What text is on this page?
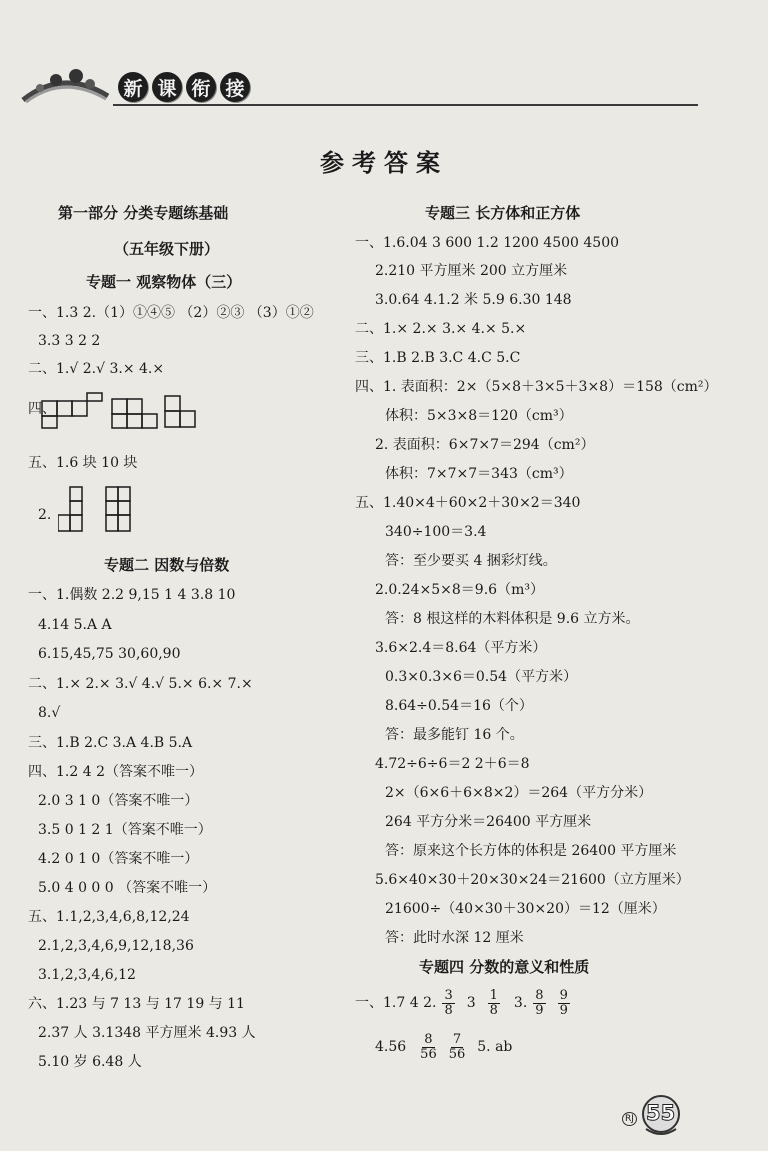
新 课 衔 接
参考答案
第一部分 分类专题练基础
（五年级下册）
专题一 观察物体（三）
一、1.3 2.（1）①④⑤ （2）②③ （3）①②
3.3 3 2 2
二、1.√ 2.√ 3.× 4.×
四、
五、1.6 块 10 块
2.
专题二 因数与倍数
一、1.偶数 2.2 9,15 1 4 3.8 10
4.14 5.A A
6.15,45,75 30,60,90
二、1.× 2.× 3.√ 4.√ 5.× 6.× 7.×
8.√
三、1.B 2.C 3.A 4.B 5.A
四、1.2 4 2（答案不唯一）
2.0 3 1 0（答案不唯一）
3.5 0 1 2 1（答案不唯一）
4.2 0 1 0（答案不唯一）
5.0 4 0 0 0 （答案不唯一）
五、1.1,2,3,4,6,8,12,24
2.1,2,3,4,6,9,12,18,36
3.1,2,3,4,6,12
六、1.23 与 7 13 与 17 19 与 11
2.37 人 3.1348 平方厘米 4.93 人
5.10 岁 6.48 人
专题三 长方体和正方体
一、1.6.04 3 600 1.2 1200 4500 4500
2.210 平方厘米 200 立方厘米
3.0.64 4.1.2 米 5.9 6.30 148
二、1.× 2.× 3.× 4.× 5.×
三、1.B 2.B 3.C 4.C 5.C
四、1. 表面积：2×（5×8＋3×5＋3×8）＝158（cm²）
体积：5×3×8＝120（cm³）
2. 表面积：6×7×7＝294（cm²）
体积：7×7×7＝343（cm³）
五、1.40×4＋60×2＋30×2＝340
340÷100＝3.4
答：至少要买 4 捆彩灯线。
2.0.24×5×8＝9.6（m³）
答：8 根这样的木料体积是 9.6 立方米。
3.6×2.4＝8.64（平方米）
0.3×0.3×6＝0.54（平方米）
8.64÷0.54＝16（个）
答：最多能钉 16 个。
4.72÷6÷6＝2 2＋6＝8
2×（6×6＋6×8×2）＝264（平方分米）
264 平方分米＝26400 平方厘米
答：原来这个长方体的体积是 26400 平方厘米
5.6×40×30＋20×30×24＝21600（立方厘米）
21600÷（40×30＋30×20）＝12（厘米）
答：此时水深 12 厘米
专题四 分数的意义和性质
一、1.7 4 2. $\frac{3}{8} 3 \frac{1}{8} 3$. $\frac{8}{9} \frac{9}{9}$
$4.56 \frac{8}{56} \frac{7}{56} 5$. ab
RJ 55
